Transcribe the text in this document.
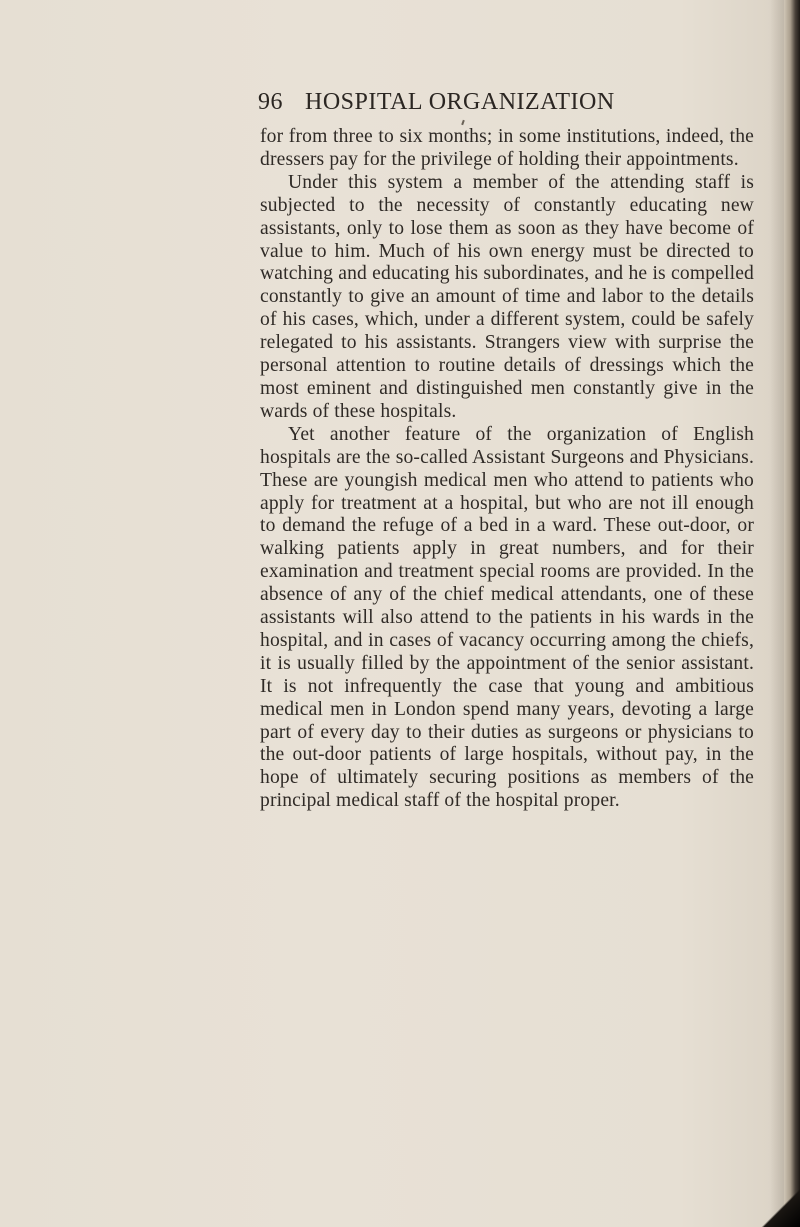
96 HOSPITAL ORGANIZATION

for from three to six months; in some institutions, indeed, the dressers pay for the privilege of holding their appointments.

Under this system a member of the attending staff is subjected to the necessity of constantly educating new assistants, only to lose them as soon as they have become of value to him. Much of his own energy must be directed to watching and educating his subordinates, and he is compelled constantly to give an amount of time and labor to the details of his cases, which, under a different system, could be safely relegated to his assistants. Strangers view with surprise the personal attention to routine details of dressings which the most eminent and distinguished men constantly give in the wards of these hospitals.

Yet another feature of the organization of English hospitals are the so-called Assistant Surgeons and Physicians. These are youngish medical men who attend to patients who apply for treatment at a hospital, but who are not ill enough to demand the refuge of a bed in a ward. These out-door, or walking patients apply in great numbers, and for their examination and treatment special rooms are provided. In the absence of any of the chief medical attendants, one of these assistants will also attend to the patients in his wards in the hospital, and in cases of vacancy occurring among the chiefs, it is usually filled by the appointment of the senior assistant. It is not infrequently the case that young and ambitious medical men in London spend many years, devoting a large part of every day to their duties as surgeons or physicians to the out-door patients of large hospitals, without pay, in the hope of ultimately securing positions as members of the principal medical staff of the hospital proper.
